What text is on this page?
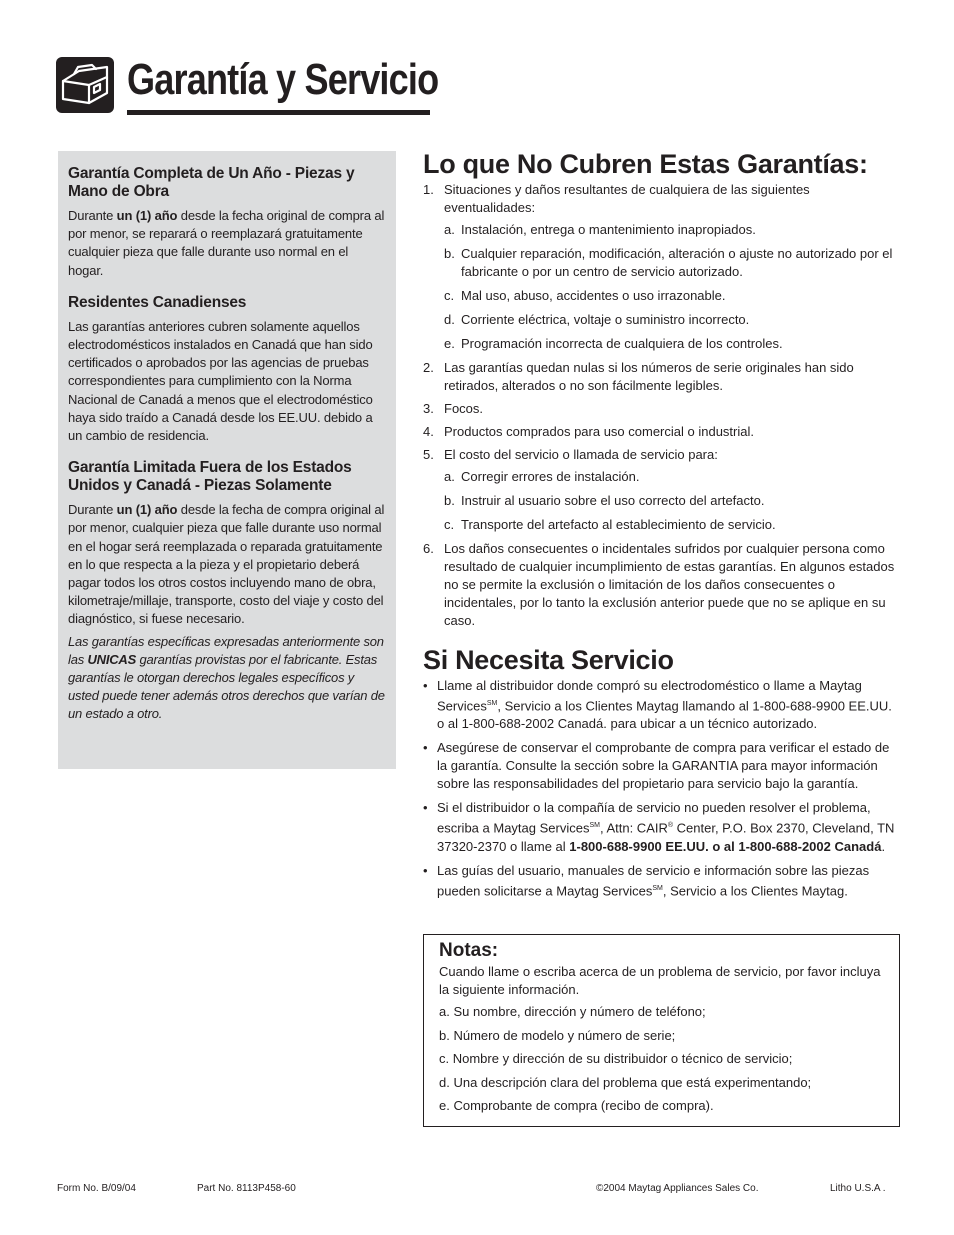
Garantía y Servicio
Garantía Completa de Un Año - Piezas y Mano de Obra

Durante un (1) año desde la fecha original de compra al por menor, se reparará o reemplazará gratuitamente cualquier pieza que falle durante uso normal en el hogar.

Residentes Canadienses

Las garantías anteriores cubren solamente aquellos electrodomésticos instalados en Canadá que han sido certificados o aprobados por las agencias de pruebas correspondientes para cumplimiento con la Norma Nacional de Canadá a menos que el electrodoméstico haya sido traído a Canadá desde los EE.UU. debido a un cambio de residencia.

Garantía Limitada Fuera de los Estados Unidos y Canadá - Piezas Solamente

Durante un (1) año desde la fecha de compra original al por menor, cualquier pieza que falle durante uso normal en el hogar será reemplazada o reparada gratuitamente en lo que respecta a la pieza y el propietario deberá pagar todos los otros costos incluyendo mano de obra, kilometraje/millaje, transporte, costo del viaje y costo del diagnóstico, si fuese necesario.

Las garantías específicas expresadas anteriormente son las UNICAS garantías provistas por el fabricante. Estas garantías le otorgan derechos legales específicos y usted puede tener además otros derechos que varían de un estado a otro.

Lo que No Cubren Estas Garantías:
1. Situaciones y daños resultantes de cualquiera de las siguientes eventualidades:
a. Instalación, entrega o mantenimiento inapropiados.
b. Cualquier reparación, modificación, alteración o ajuste no autorizado por el fabricante o por un centro de servicio autorizado.
c. Mal uso, abuso, accidentes o uso irrazonable.
d. Corriente eléctrica, voltaje o suministro incorrecto.
e. Programación incorrecta de cualquiera de los controles.
2. Las garantías quedan nulas si los números de serie originales han sido retirados, alterados o no son fácilmente legibles.
3. Focos.
4. Productos comprados para uso comercial o industrial.
5. El costo del servicio o llamada de servicio para:
a. Corregir errores de instalación.
b. Instruir al usuario sobre el uso correcto del artefacto.
c. Transporte del artefacto al establecimiento de servicio.
6. Los daños consecuentes o incidentales sufridos por cualquier persona como resultado de cualquier incumplimiento de estas garantías. En algunos estados no se permite la exclusión o limitación de los daños consecuentes o incidentales, por lo tanto la exclusión anterior puede que no se aplique en su caso.
Si Necesita Servicio
• Llame al distribuidor donde compró su electrodoméstico o llame a Maytag Services℠, Servicio a los Clientes Maytag llamando al 1-800-688-9900 EE.UU. o al 1-800-688-2002 Canadá. para ubicar a un técnico autorizado.
• Asegúrese de conservar el comprobante de compra para verificar el estado de la garantía. Consulte la sección sobre la GARANTIA para mayor información sobre las responsabilidades del propietario para servicio bajo la garantía.
• Si el distribuidor o la compañía de servicio no pueden resolver el problema, escriba a Maytag Services℠, Attn: CAIR® Center, P.O. Box 2370, Cleveland, TN 37320-2370 o llame al 1-800-688-9900 EE.UU. o al 1-800-688-2002 Canadá.
• Las guías del usuario, manuales de servicio e información sobre las piezas pueden solicitarse a Maytag Services℠, Servicio a los Clientes Maytag.
Notas:

Cuando llame o escriba acerca de un problema de servicio, por favor incluya la siguiente información.

a. Su nombre, dirección y número de teléfono;

b. Número de modelo y número de serie;

c. Nombre y dirección de su distribuidor o técnico de servicio;

d. Una descripción clara del problema que está experimentando;

e. Comprobante de compra (recibo de compra).

Form No. B/09/04	Part No. 8113P458-60	©2004 Maytag Appliances Sales Co.	Litho U.S.A .
